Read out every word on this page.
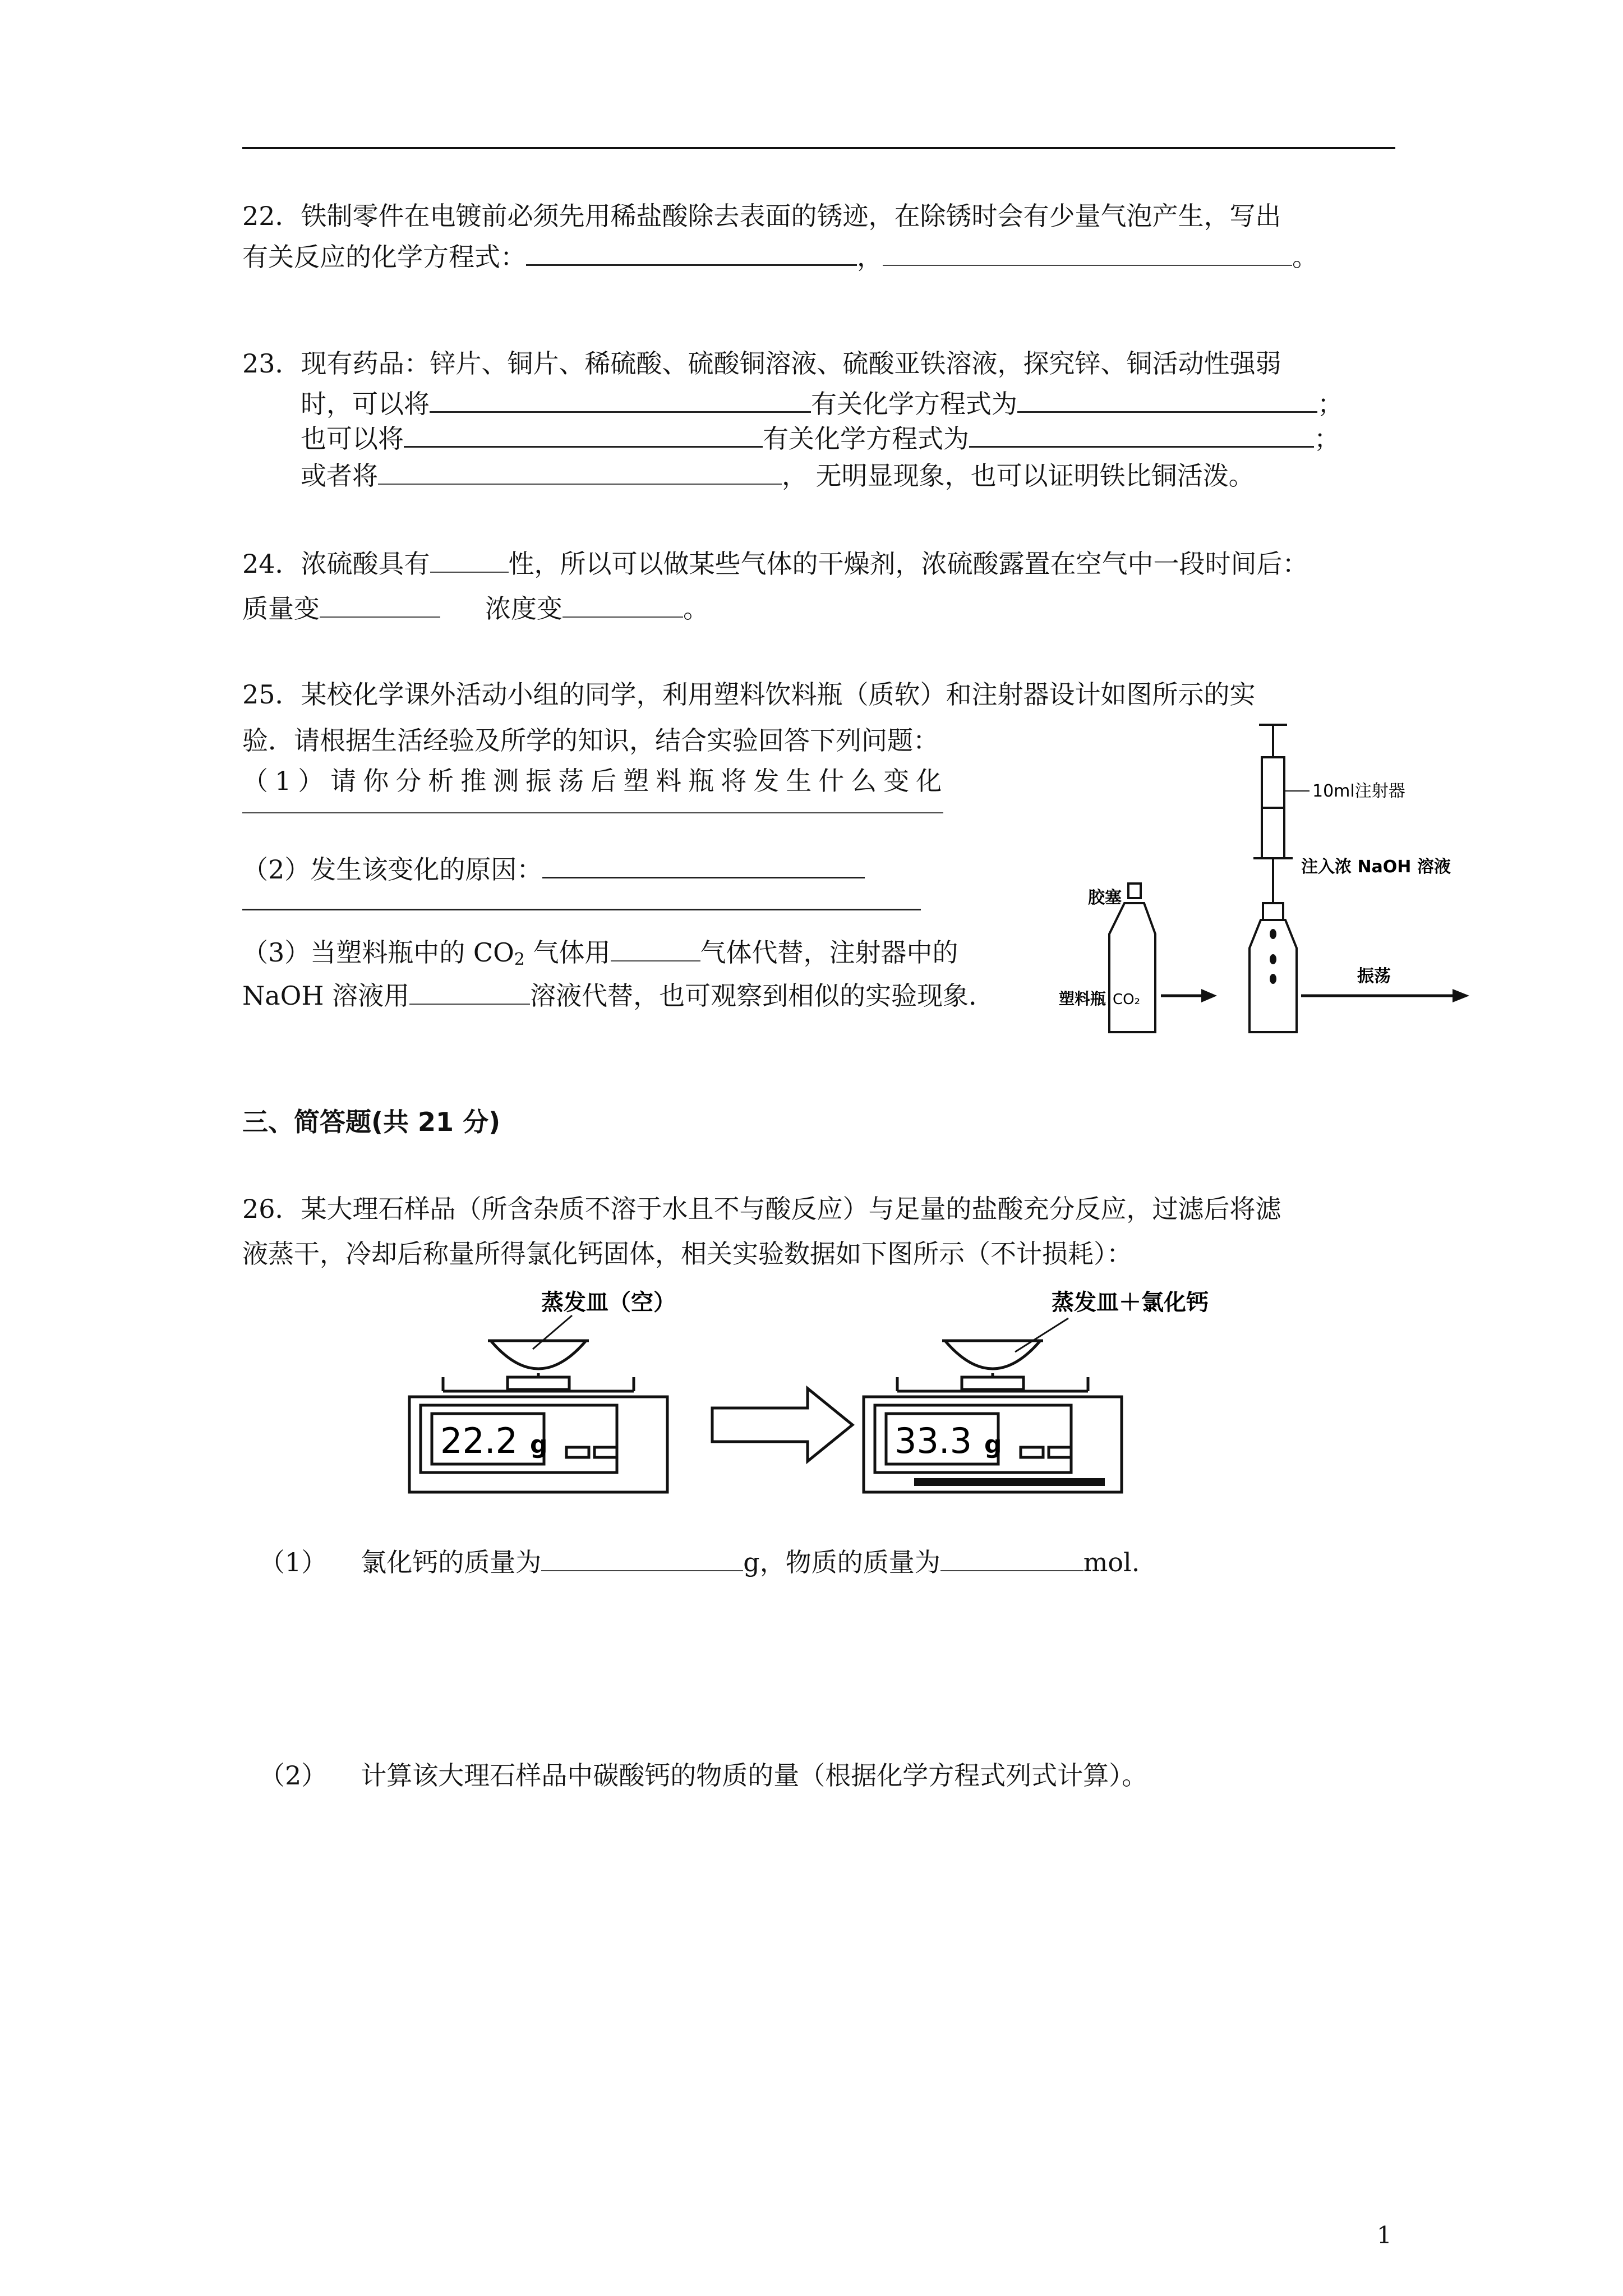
22．铁制零件在电镀前必须先用稀盐酸除去表面的锈迹，在除锈时会有少量气泡产生，写出
有关反应的化学方程式：	，	。
23．现有药品：锌片、铜片、稀硫酸、硫酸铜溶液、硫酸亚铁溶液，探究锌、铜活动性强弱
时，可以将	有关化学方程式为	；
也可以将	有关化学方程式为	；
或者将	， 无明显现象，也可以证明铁比铜活泼。
24．浓硫酸具有	性，所以可以做某些气体的干燥剂，浓硫酸露置在空气中一段时间后：
质量变	浓度变	。
25．某校化学课外活动小组的同学，利用塑料饮料瓶（质软）和注射器设计如图所示的实
验．请根据生活经验及所学的知识，结合实验回答下列问题：
（1）请你分析推测振荡后塑料瓶将发生什么变化
（2）发生该变化的原因：
（3）当塑料瓶中的 $CO_2$ 气体用	气体代替，注射器中的
NaOH 溶液用	溶液代替，也可观察到相似的实验现象．
10ml注射器
注入浓 NaOH 溶液
胶塞
塑料瓶 CO₂
振荡
三、简答题(共 21 分)
26．某大理石样品（所含杂质不溶于水且不与酸反应）与足量的盐酸充分反应，过滤后将滤
液蒸干，冷却后称量所得氯化钙固体，相关实验数据如下图所示（不计损耗）：
蒸发皿（空）
22.2 g
蒸发皿＋氯化钙
33.3 g
（1） 氯化钙的质量为	g，物质的质量为	mol.
（2） 计算该大理石样品中碳酸钙的物质的量（根据化学方程式列式计算）。
1
